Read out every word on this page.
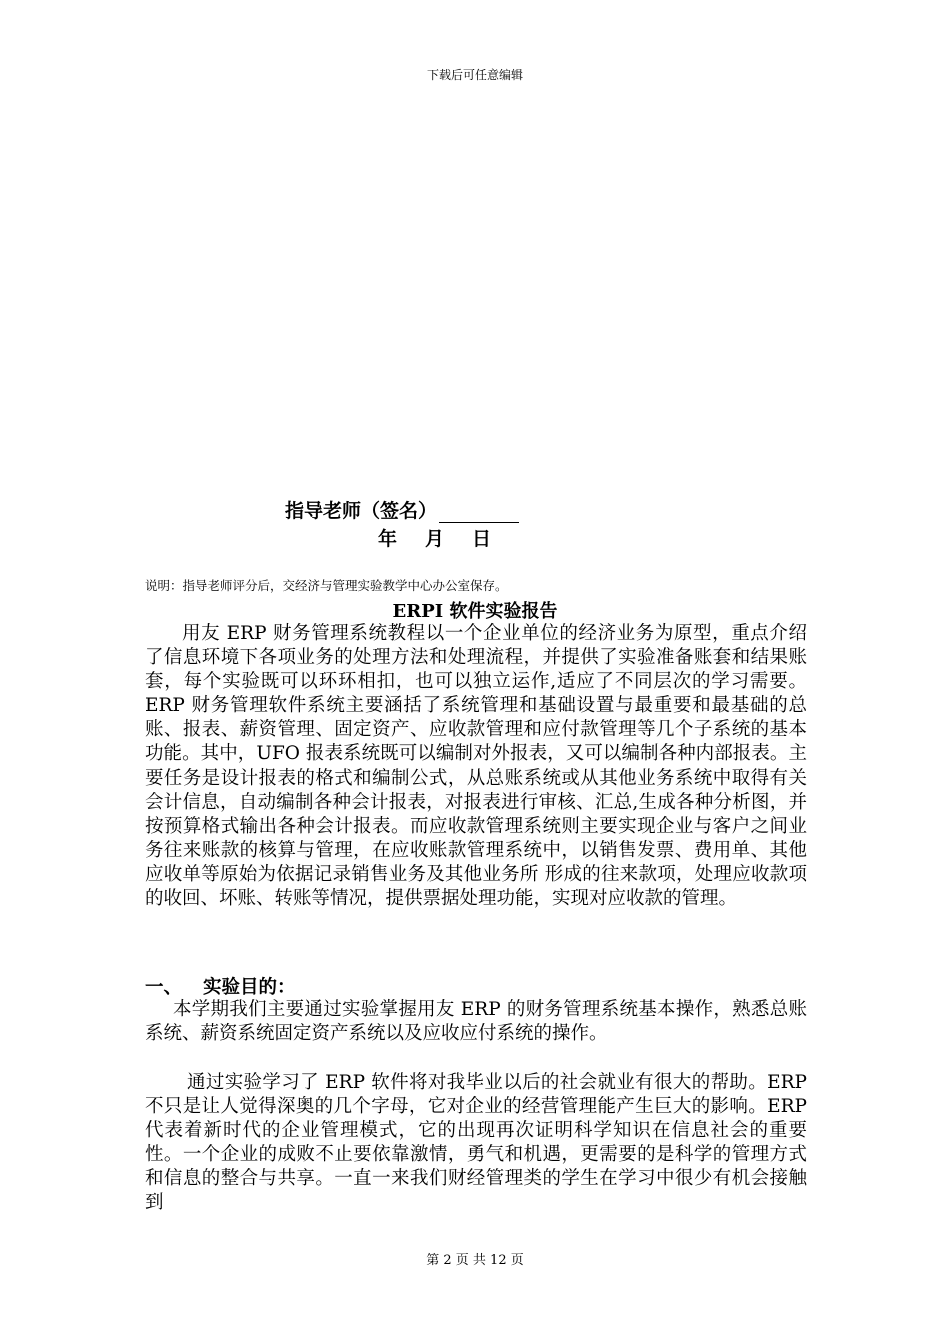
下载后可任意编辑
指导老师（签名）
年 月 日
说明：指导老师评分后，交经济与管理实验教学中心办公室保存。
ERPI 软件实验报告
用友 ERP 财务管理系统教程以一个企业单位的经济业务为原型，重点介绍了信息环境下各项业务的处理方法和处理流程，并提供了实验准备账套和结果账套，每个实验既可以环环相扣，也可以独立运作,适应了不同层次的学习需要。ERP 财务管理软件系统主要涵括了系统管理和基础设置与最重要和最基础的总账、报表、薪资管理、固定资产、应收款管理和应付款管理等几个子系统的基本功能。其中，UFO 报表系统既可以编制对外报表，又可以编制各种内部报表。主要任务是设计报表的格式和编制公式，从总账系统或从其他业务系统中取得有关会计信息，自动编制各种会计报表，对报表进行审核、汇总,生成各种分析图，并按预算格式输出各种会计报表。而应收款管理系统则主要实现企业与客户之间业务往来账款的核算与管理，在应收账款管理系统中，以销售发票、费用单、其他应收单等原始为依据记录销售业务及其他业务所 形成的往来款项，处理应收款项的收回、坏账、转账等情况，提供票据处理功能，实现对应收款的管理。
一、 实验目的：
本学期我们主要通过实验掌握用友 ERP 的财务管理系统基本操作，熟悉总账系统、薪资系统固定资产系统以及应收应付系统的操作。
通过实验学习了 ERP 软件将对我毕业以后的社会就业有很大的帮助。ERP 不只是让人觉得深奥的几个字母，它对企业的经营管理能产生巨大的影响。ERP 代表着新时代的企业管理模式，它的出现再次证明科学知识在信息社会的重要性。一个企业的成败不止要依靠激情，勇气和机遇，更需要的是科学的管理方式和信息的整合与共享。一直一来我们财经管理类的学生在学习中很少有机会接触到
第 2 页 共 12 页
